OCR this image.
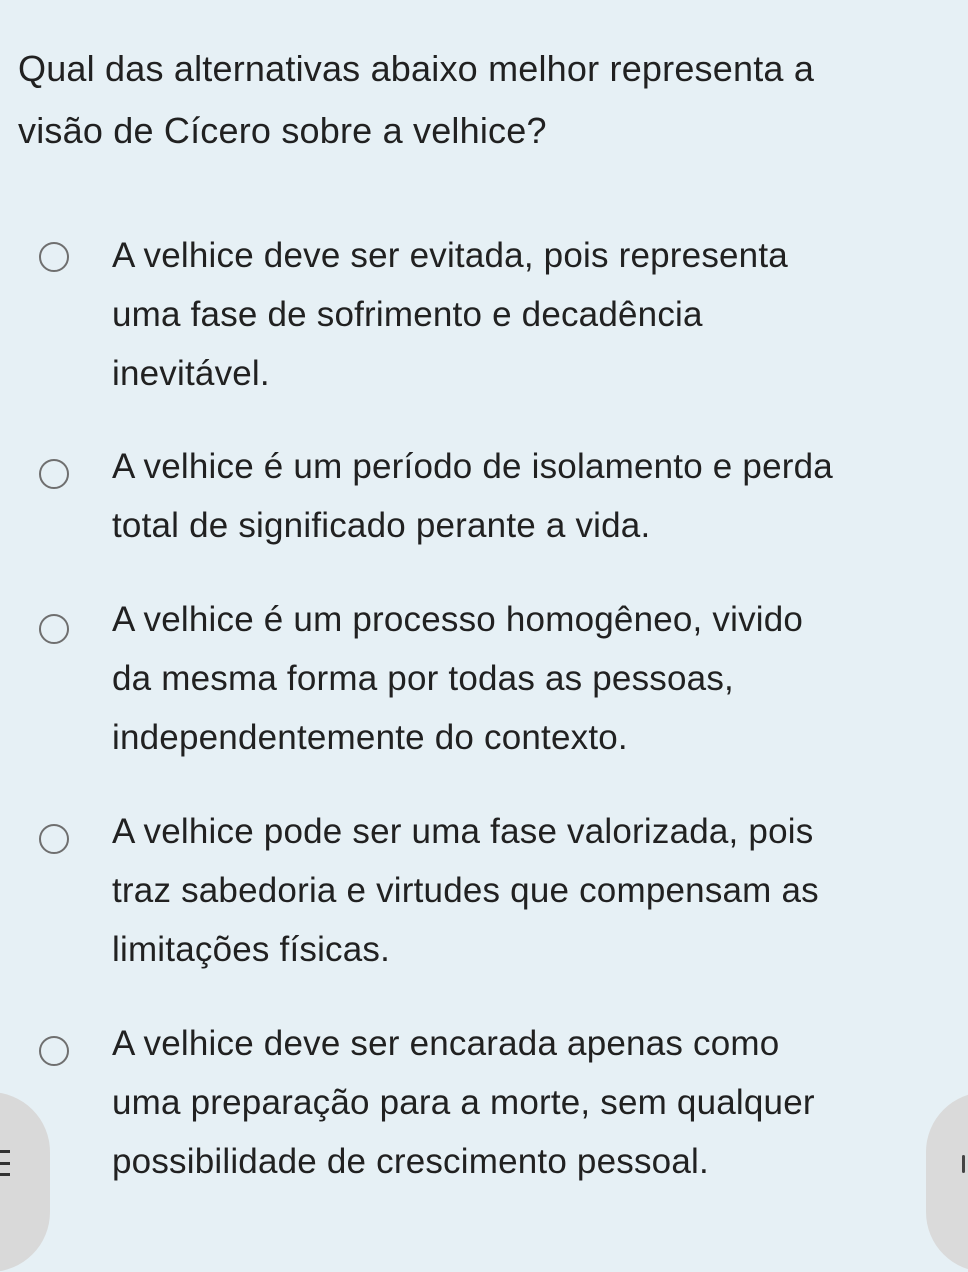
Qual das alternativas abaixo melhor representa a
visão de Cícero sobre a velhice?
A velhice deve ser evitada, pois representa
uma fase de sofrimento e decadência
inevitável.
A velhice é um período de isolamento e perda
total de significado perante a vida.
A velhice é um processo homogêneo, vivido
da mesma forma por todas as pessoas,
independentemente do contexto.
A velhice pode ser uma fase valorizada, pois
traz sabedoria e virtudes que compensam as
limitações físicas.
A velhice deve ser encarada apenas como
uma preparação para a morte, sem qualquer
possibilidade de crescimento pessoal.
